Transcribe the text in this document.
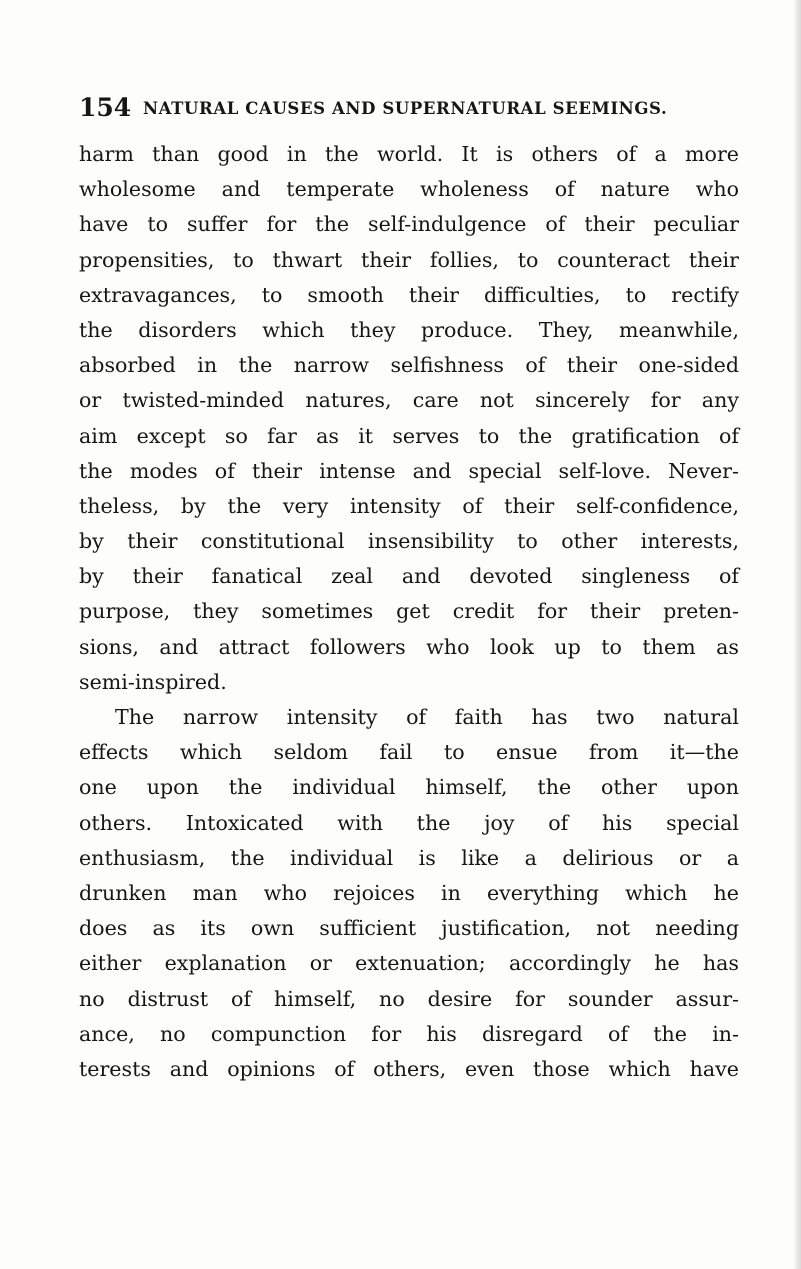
154 NATURAL CAUSES AND SUPERNATURAL SEEMINGS.
harm than good in the world. It is others of a more
wholesome and temperate wholeness of nature who
have to suffer for the self-indulgence of their peculiar
propensities, to thwart their follies, to counteract their
extravagances, to smooth their difficulties, to rectify
the disorders which they produce. They, meanwhile,
absorbed in the narrow selfishness of their one-sided
or twisted-minded natures, care not sincerely for any
aim except so far as it serves to the gratification of
the modes of their intense and special self-love. Never-
theless, by the very intensity of their self-confidence,
by their constitutional insensibility to other interests,
by their fanatical zeal and devoted singleness of
purpose, they sometimes get credit for their preten-
sions, and attract followers who look up to them as
semi-inspired.
The narrow intensity of faith has two natural
effects which seldom fail to ensue from it—the
one upon the individual himself, the other upon
others. Intoxicated with the joy of his special
enthusiasm, the individual is like a delirious or a
drunken man who rejoices in everything which he
does as its own sufficient justification, not needing
either explanation or extenuation; accordingly he has
no distrust of himself, no desire for sounder assur-
ance, no compunction for his disregard of the in-
terests and opinions of others, even those which have
